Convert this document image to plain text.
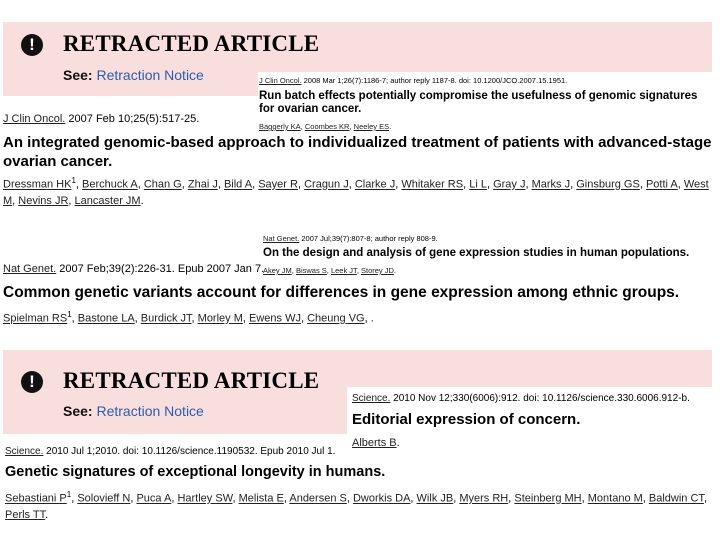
!	RETRACTED ARTICLE
See: Retraction Notice	J Clin Oncol. 2008 Mar 1;26(7):1186-7; author reply 1187-8. doi: 10.1200/JCO.2007.15.1951.
Run batch effects potentially compromise the usefulness of genomic signatures for ovarian cancer.
Baggerly KA, Coombes KR, Neeley ES.
J Clin Oncol. 2007 Feb 10;25(5):517-25.
An integrated genomic-based approach to individualized treatment of patients with advanced-stage ovarian cancer.
Dressman $HK^1$, Berchuck A, Chan G, Zhai J, Bild A, Sayer R, Cragun J, Clarke J, Whitaker RS, Li L, Gray J, Marks J, Ginsburg GS, Potti A, West M, Nevins JR, Lancaster JM.
Nat Genet. 2007 Jul;39(7):807-8; author reply 808-9.
On the design and analysis of gene expression studies in human populations.
Akey JM, Biswas S, Leek JT, Storey JD.
Nat Genet. 2007 Feb;39(2):226-31. Epub 2007 Jan 7.
Common genetic variants account for differences in gene expression among ethnic groups.
Spielman $RS^1$, Bastone LA, Burdick JT, Morley M, Ewens WJ, Cheung VG, .
!	RETRACTED ARTICLE
See: Retraction Notice
Science. 2010 Nov 12;330(6006):912. doi: 10.1126/science.330.6006.912-b.
Editorial expression of concern.
Alberts B.
Science. 2010 Jul 1;2010. doi: 10.1126/science.1190532. Epub 2010 Jul 1.
Genetic signatures of exceptional longevity in humans.
Sebastiani $P^1$, Solovieff N, Puca A, Hartley SW, Melista E, Andersen S, Dworkis DA, Wilk JB, Myers RH, Steinberg MH, Montano M, Baldwin CT, Perls TT.
